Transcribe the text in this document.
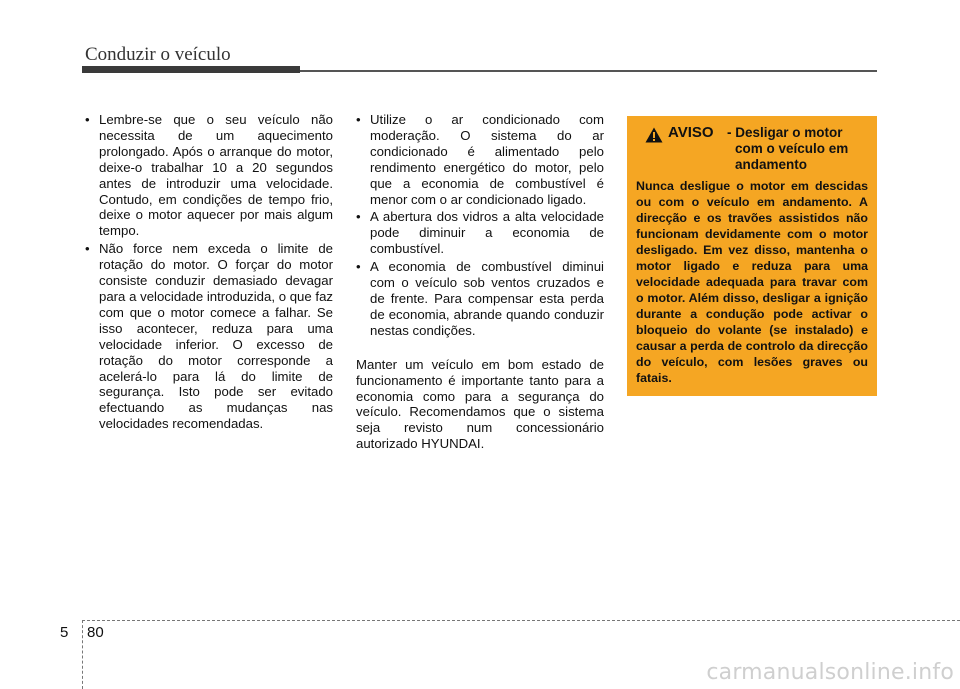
Conduzir o veículo
• Lembre-se que o seu veículo não necessita de um aquecimento prolongado. Após o arranque do motor, deixe-o trabalhar 10 a 20 segundos antes de introduzir uma velocidade. Contudo, em condições de tempo frio, deixe o motor aquecer por mais algum tempo.
• Não force nem exceda o limite de rotação do motor. O forçar do motor consiste conduzir demasiado devagar para a velocidade introduzida, o que faz com que o motor comece a falhar. Se isso acontecer, reduza para uma velocidade inferior. O excesso de rotação do motor corresponde a acelerá-lo para lá do limite de segurança. Isto pode ser evitado efectuando as mudanças nas velocidades recomendadas.
• Utilize o ar condicionado com moderação. O sistema do ar condicionado é alimentado pelo rendimento energético do motor, pelo que a economia de combustível é menor com o ar condicionado ligado.
• A abertura dos vidros a alta velocidade pode diminuir a economia de combustível.
• A economia de combustível diminui com o veículo sob ventos cruzados e de frente. Para compensar esta perda de economia, abrande quando conduzir nestas condições.
Manter um veículo em bom estado de funcionamento é importante tanto para a economia como para a segurança do veículo. Recomendamos que o sistema seja revisto num concessionário autorizado HYUNDAI.
AVISO - Desligar o motor
com o veículo em
andamento
Nunca desligue o motor em descidas ou com o veículo em andamento. A direcção e os travões assistidos não funcionam devidamente com o motor desligado. Em vez disso, mantenha o motor ligado e reduza para uma velocidade adequada para travar com o motor. Além disso, desligar a ignição durante a condução pode activar o bloqueio do volante (se instalado) e causar a perda de controlo da direcção do veículo, com lesões graves ou fatais.
5 80
carmanualsonline.info
